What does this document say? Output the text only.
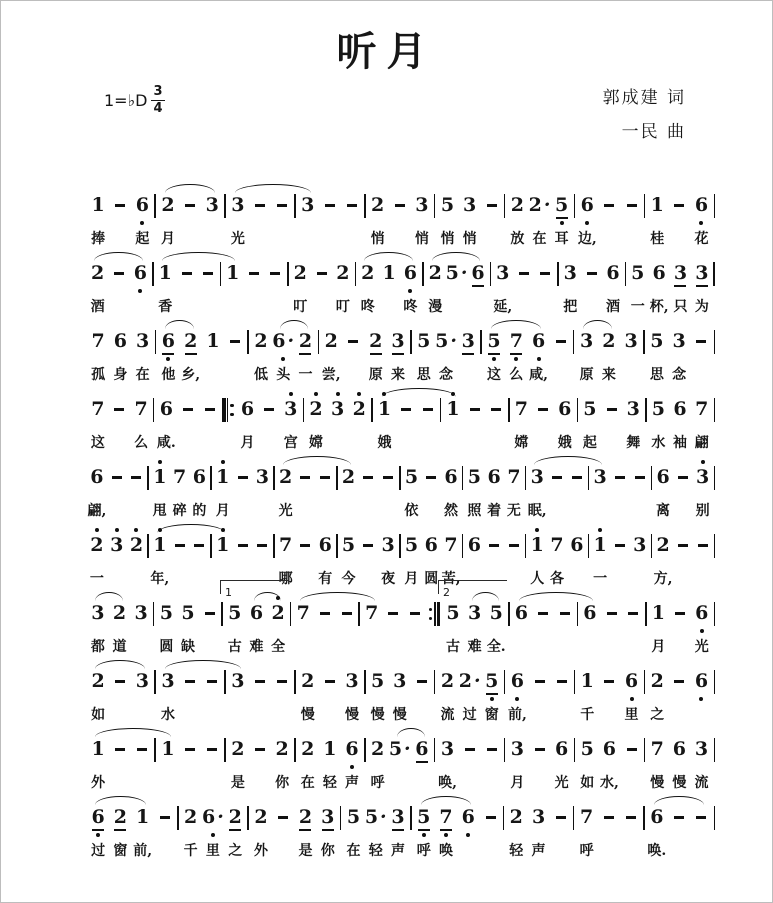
听月
1=♭D $\frac{3}{4}$	郭成建 词
一民 曲
1
捧
6
起
2
月
3 3
光
3	2
悄
3
悄
5
悄
3
悄
2
放
2 ·
在
5
耳
6
边,
1
桂
6
花
2
酒
6 1
香
1	2
叮
2
叮
2
咚
1 6
咚
2
漫
5 · 6 3
延,
3
把
6
酒
5
一
6
杯,
3
只
3
为
7
孤
6
身
3
在
6
他
2
乡,
1 2
低
6 ·
头
2
一
2
尝,
2
原
3
来
5
思
5 ·
念
3 5
这
7
么
6
咸,
3
原
2
来
3 5
思
3
念
7
这
7
么
6
咸.
6
月
3
宫
2
嫦
3 2 1
娥
1	7
嫦
6
娥
5
起
3
舞
5
水
6
袖
7
翩
6
翩,
1
甩
7
碎
6
的
1
月
3 2
光
2	5
依
6
然
5
照
6
着
7
无
3
眠,
3	6
离
3
别
2
一
3 2 1
年,
1	7
哪
6
有
5
今
3
夜
5
月
6
圆
7
苦,
6	1
人
7
各
6 1
一
3 2
方,
3
都
2
道
3 5
圆
5
缺
5
古
6
难
2
全
7	7	5
古
3
难
5
全.
6	6	1
月
6
光
1	2
2
如
3 3
水
3	2
慢
3
慢
5
慢
3
慢
2
流
2 ·
过
5
窗
6
前,
1
千
6
里
2
之
6
1
外
1	2
是
2
你
2
在
1
轻
6
声
2
呼
5 · 6 3
唤,
3
月
6
光
5
如
6
水,
7
慢
6
慢
3
流
6
过
2
窗
1
前,
2
千
6 ·
里
2
之
2
外
2
是
3
你
5
在
5 ·
轻
3
声
5
呼
7
唤
6 2
轻
3
声
7
呼
6
唤.
